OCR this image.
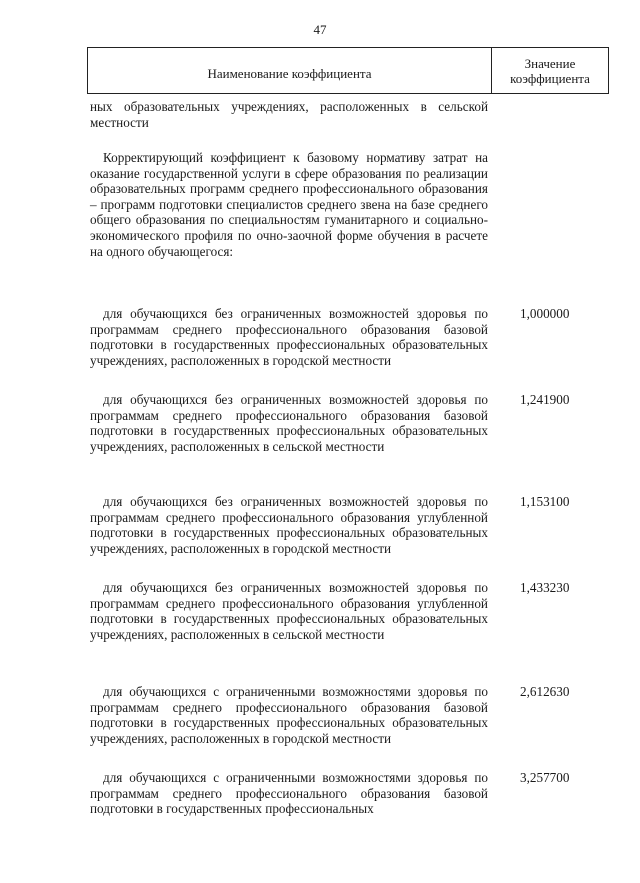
47
Наименование коэффициента
Значение
коэффициента

ных образовательных учреждениях, расположенных в сельской местности

Корректирующий коэффициент к базовому нормативу затрат на оказание государственной услуги в сфере образования по реализации образовательных программ среднего профессионального образования – программ подготовки специалистов среднего звена на базе среднего общего образования по специальностям гуманитарного и социально-экономического профиля по очно-заочной форме обучения в расчете на одного обучающегося:

для обучающихся без ограниченных возможностей здоровья по программам среднего профессионального образования базовой подготовки в государственных профессиональных образовательных учреждениях, расположенных в городской местности

1,000000

для обучающихся без ограниченных возможностей здоровья по программам среднего профессионального образования базовой подготовки в государственных профессиональных образовательных учреждениях, расположенных в сельской местности

1,241900

для обучающихся без ограниченных возможностей здоровья по программам среднего профессионального образования углубленной подготовки в государственных профессиональных образовательных учреждениях, расположенных в городской местности

1,153100

для обучающихся без ограниченных возможностей здоровья по программам среднего профессионального образования углубленной подготовки в государственных профессиональных образовательных учреждениях, расположенных в сельской местности

1,433230

для обучающихся с ограниченными возможностями здоровья по программам среднего профессионального образования базовой подготовки в государственных профессиональных образовательных учреждениях, расположенных в городской местности

2,612630

для обучающихся с ограниченными возможностями здоровья по программам среднего профессионального образования базовой подготовки в государственных профессиональных

3,257700
